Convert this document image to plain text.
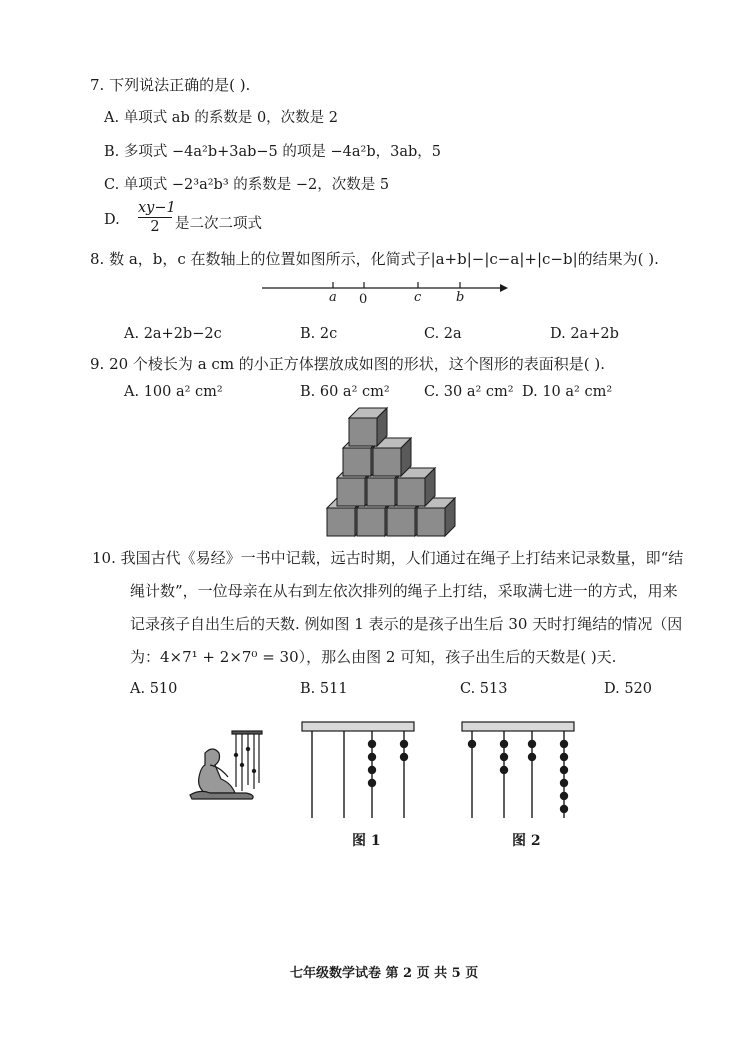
7. 下列说法正确的是( ).
A. 单项式 ab 的系数是 0，次数是 2
B. 多项式 −4a²b+3ab−5 的项是 −4a²b，3ab，5
C. 单项式 −2³a²b³ 的系数是 −2，次数是 5
D.
xy−1
2	是二次二项式
8. 数 a，b，c 在数轴上的位置如图所示，化简式子|a+b|−|c−a|+|c−b|的结果为( ).
a 0	c	b
A. 2a+2b−2c	B. 2c	C. 2a	D. 2a+2b
9. 20 个棱长为 a cm 的小正方体摆放成如图的形状，这个图形的表面积是( ).
A. 100 a² cm²	B. 60 a² cm² C. 30 a² cm² D. 10 a² cm²
10. 我国古代《易经》一书中记载，远古时期，人们通过在绳子上打结来记录数量，即“结
绳计数”，一位母亲在从右到左依次排列的绳子上打结，采取满七进一的方式，用来
记录孩子自出生后的天数. 例如图 1 表示的是孩子出生后 30 天时打绳结的情况（因
为：4×7¹ + 2×7⁰ = 30），那么由图 2 可知，孩子出生后的天数是( )天.
A. 510	B. 511	C. 513	D. 520
图 1	图 2
七年级数学试卷 第 2 页 共 5 页
